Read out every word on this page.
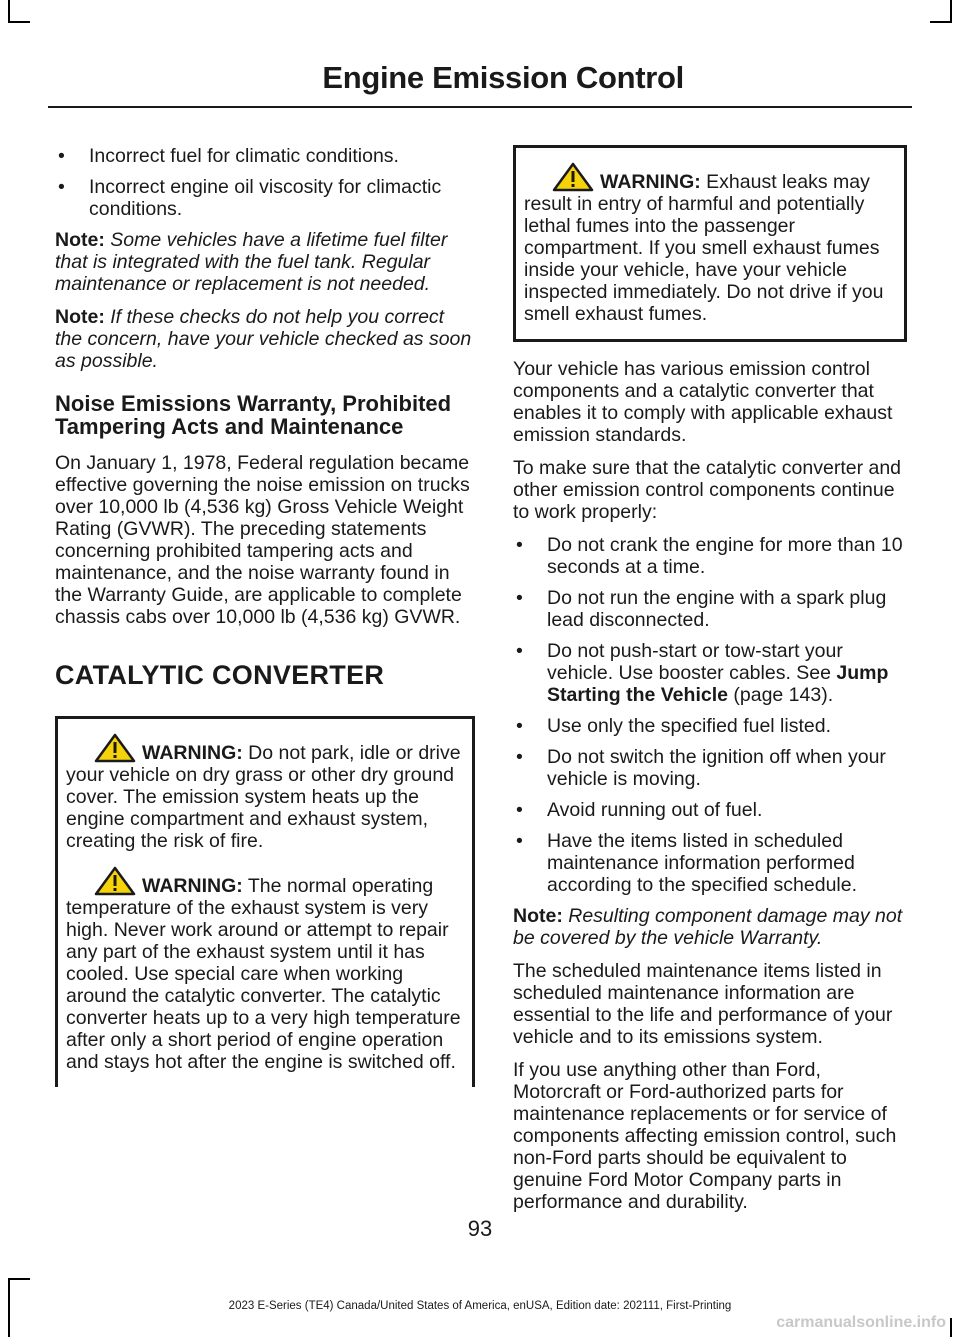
Engine Emission Control
• Incorrect fuel for climatic conditions.
• Incorrect engine oil viscosity for climactic conditions.

Note: Some vehicles have a lifetime fuel filter that is integrated with the fuel tank. Regular maintenance or replacement is not needed.

Note: If these checks do not help you correct the concern, have your vehicle checked as soon as possible.

Noise Emissions Warranty, Prohibited Tampering Acts and Maintenance

On January 1, 1978, Federal regulation became effective governing the noise emission on trucks over 10,000 lb (4,536 kg) Gross Vehicle Weight Rating (GVWR). The preceding statements concerning prohibited tampering acts and maintenance, and the noise warranty found in the Warranty Guide, are applicable to complete chassis cabs over 10,000 lb (4,536 kg) GVWR.

CATALYTIC CONVERTER
WARNING: Do not park, idle or drive your vehicle on dry grass or other dry ground cover. The emission system heats up the engine compartment and exhaust system, creating the risk of fire.
WARNING: The normal operating temperature of the exhaust system is very high. Never work around or attempt to repair any part of the exhaust system until it has cooled. Use special care when working around the catalytic converter. The catalytic converter heats up to a very high temperature after only a short period of engine operation and stays hot after the engine is switched off.
WARNING: Exhaust leaks may result in entry of harmful and potentially lethal fumes into the passenger compartment. If you smell exhaust fumes inside your vehicle, have your vehicle inspected immediately. Do not drive if you smell exhaust fumes.

Your vehicle has various emission control components and a catalytic converter that enables it to comply with applicable exhaust emission standards.

To make sure that the catalytic converter and other emission control components continue to work properly:

• Do not crank the engine for more than 10 seconds at a time.
• Do not run the engine with a spark plug lead disconnected.
• Do not push-start or tow-start your vehicle. Use booster cables. See Jump Starting the Vehicle (page 143).
• Use only the specified fuel listed.
• Do not switch the ignition off when your vehicle is moving.
• Avoid running out of fuel.
• Have the items listed in scheduled maintenance information performed according to the specified schedule.

Note: Resulting component damage may not be covered by the vehicle Warranty.

The scheduled maintenance items listed in scheduled maintenance information are essential to the life and performance of your vehicle and to its emissions system.

If you use anything other than Ford, Motorcraft or Ford-authorized parts for maintenance replacements or for service of components affecting emission control, such non-Ford parts should be equivalent to genuine Ford Motor Company parts in performance and durability.

93
2023 E-Series (TE4) Canada/United States of America, enUSA, Edition date: 202111, First-Printing
carmanualsonline.info
